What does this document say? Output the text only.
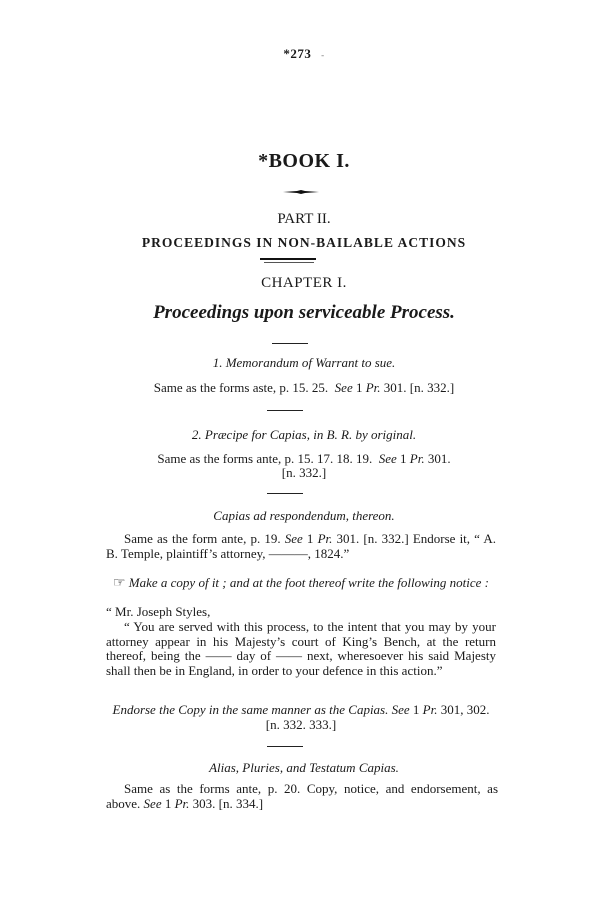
*273 -
*BOOK I.
PART II.
PROCEEDINGS IN NON-BAILABLE ACTIONS
CHAPTER I.
Proceedings upon serviceable Process.
1. Memorandum of Warrant to sue.
Same as the forms aste, p. 15. 25. See 1 Pr. 301. [n. 332.]
2. Præcipe for Capias, in B. R. by original.
Same as the forms ante, p. 15. 17. 18. 19. See 1 Pr. 301.
[n. 332.]
Capias ad respondendum, thereon.
Same as the form ante, p. 19. See 1 Pr. 301. [n. 332.] Endorse it, “ A. B. Temple, plaintiff’s attorney, ———, 1824.”
☞ Make a copy of it ; and at the foot thereof write the following notice :
“ Mr. Joseph Styles,
“ You are served with this process, to the intent that you may by your attorney appear in his Majesty’s court of King’s Bench, at the return thereof, being the —— day of —— next, wheresoever his said Majesty shall then be in England, in order to your defence in this action.”
Endorse the Copy in the same manner as the Capias. See 1 Pr. 301, 302. [n. 332. 333.]
Alias, Pluries, and Testatum Capias.
Same as the forms ante, p. 20. Copy, notice, and endorsement, as above. See 1 Pr. 303. [n. 334.]
